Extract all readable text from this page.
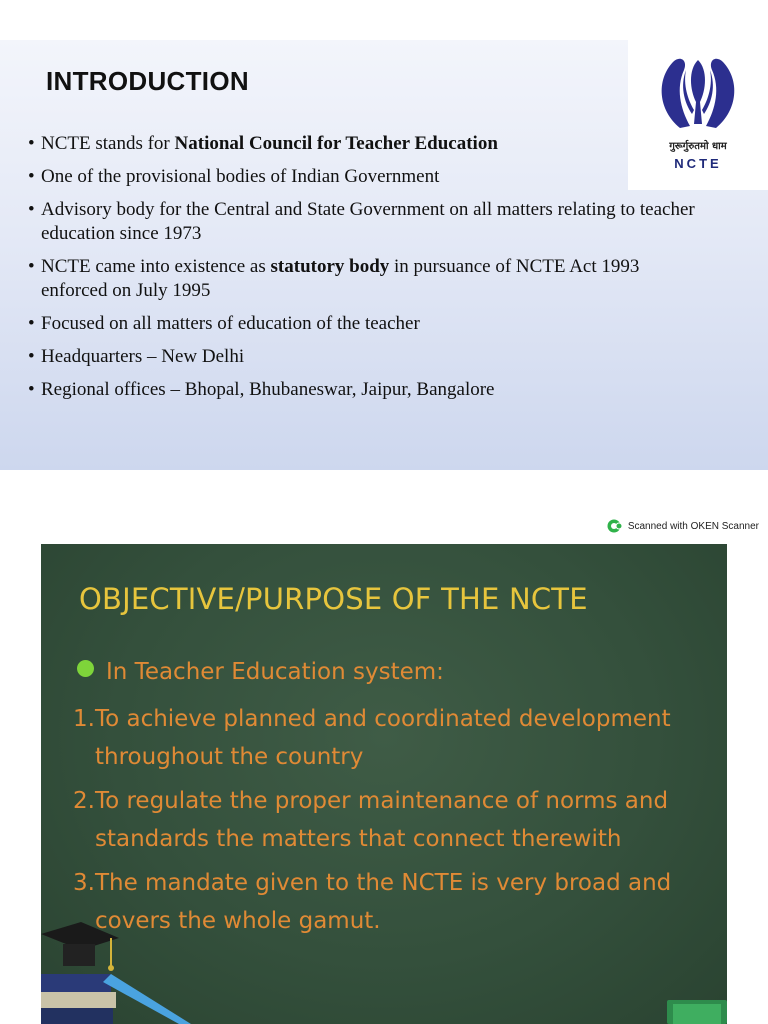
INTRODUCTION
गुरूर्गुरुतमो धाम
NCTE
• NCTE stands for National Council for Teacher Education
• One of the provisional bodies of Indian Government
• Advisory body for the Central and State Government on all matters relating to teacher education since 1973
• NCTE came into existence as statutory body in pursuance of NCTE Act 1993 enforced on July 1995
• Focused on all matters of education of the teacher
• Headquarters – New Delhi
• Regional offices – Bhopal, Bhubaneswar, Jaipur, Bangalore
Scanned with OKEN Scanner
OBJECTIVE/PURPOSE OF THE NCTE
In Teacher Education system:
1.To achieve planned and coordinated development throughout the country
2.To regulate the proper maintenance of norms and standards the matters that connect therewith
3.The mandate given to the NCTE is very broad and covers the whole gamut.
